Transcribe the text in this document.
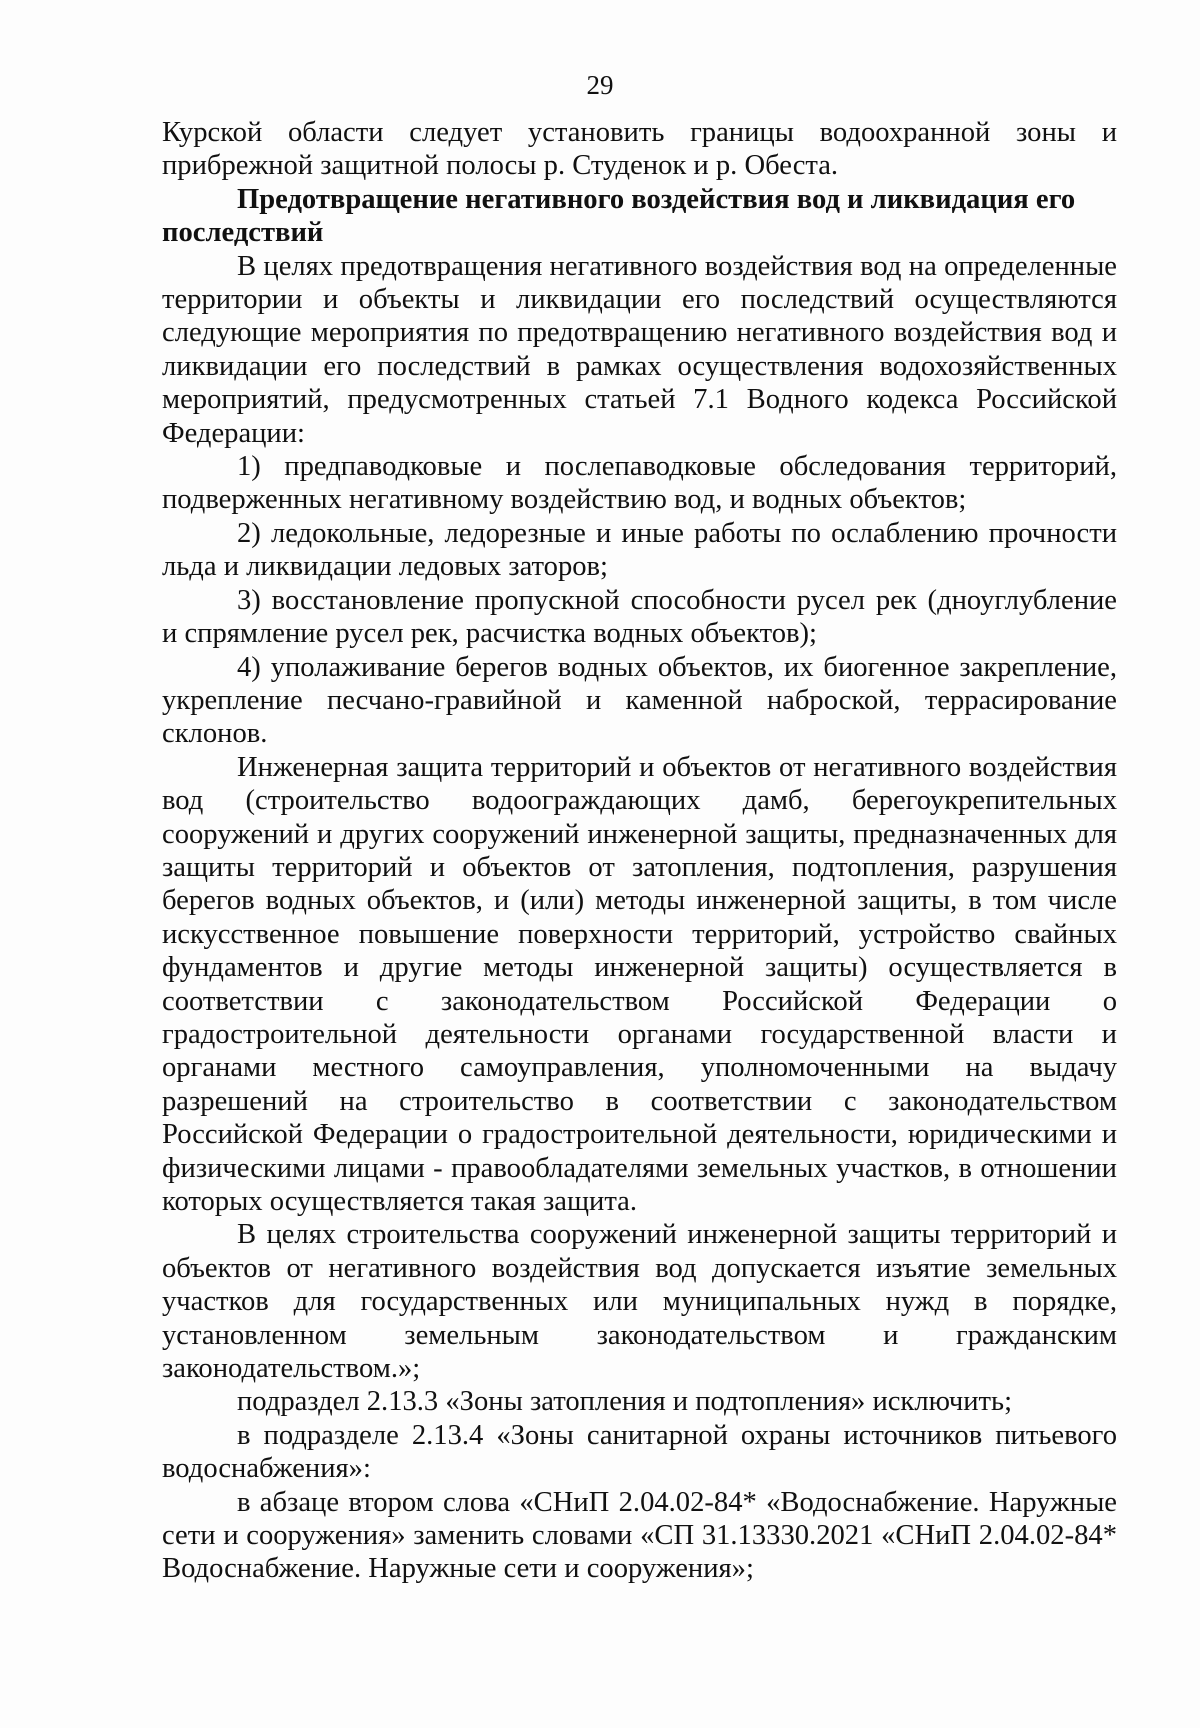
29

Курской области следует установить границы водоохранной зоны и прибрежной защитной полосы р. Студенок и р. Обеста.

Предотвращение негативного воздействия вод и ликвидация его последствий

В целях предотвращения негативного воздействия вод на определенные территории и объекты и ликвидации его последствий осуществляются следующие мероприятия по предотвращению негативного воздействия вод и ликвидации его последствий в рамках осуществления водохозяйственных мероприятий, предусмотренных статьей 7.1 Водного кодекса Российской Федерации:

1) предпаводковые и послепаводковые обследования территорий, подверженных негативному воздействию вод, и водных объектов;

2) ледокольные, ледорезные и иные работы по ослаблению прочности льда и ликвидации ледовых заторов;

3) восстановление пропускной способности русел рек (дноуглубление и спрямление русел рек, расчистка водных объектов);

4) уполаживание берегов водных объектов, их биогенное закрепление, укрепление песчано-гравийной и каменной наброской, террасирование склонов.

Инженерная защита территорий и объектов от негативного воздействия вод (строительство водоограждающих дамб, берегоукрепительных сооружений и других сооружений инженерной защиты, предназначенных для защиты территорий и объектов от затопления, подтопления, разрушения берегов водных объектов, и (или) методы инженерной защиты, в том числе искусственное повышение поверхности территорий, устройство свайных фундаментов и другие методы инженерной защиты) осуществляется в соответствии с законодательством Российской Федерации о градостроительной деятельности органами государственной власти и органами местного самоуправления, уполномоченными на выдачу разрешений на строительство в соответствии с законодательством Российской Федерации о градостроительной деятельности, юридическими и физическими лицами - правообладателями земельных участков, в отношении которых осуществляется такая защита.

В целях строительства сооружений инженерной защиты территорий и объектов от негативного воздействия вод допускается изъятие земельных участков для государственных или муниципальных нужд в порядке, установленном земельным законодательством и гражданским законодательством.»;

подраздел 2.13.3 «Зоны затопления и подтопления» исключить;

в подразделе 2.13.4 «Зоны санитарной охраны источников питьевого водоснабжения»:

в абзаце втором слова «СНиП 2.04.02-84* «Водоснабжение. Наружные сети и сооружения» заменить словами «СП 31.13330.2021 «СНиП 2.04.02-84* Водоснабжение. Наружные сети и сооружения»;
